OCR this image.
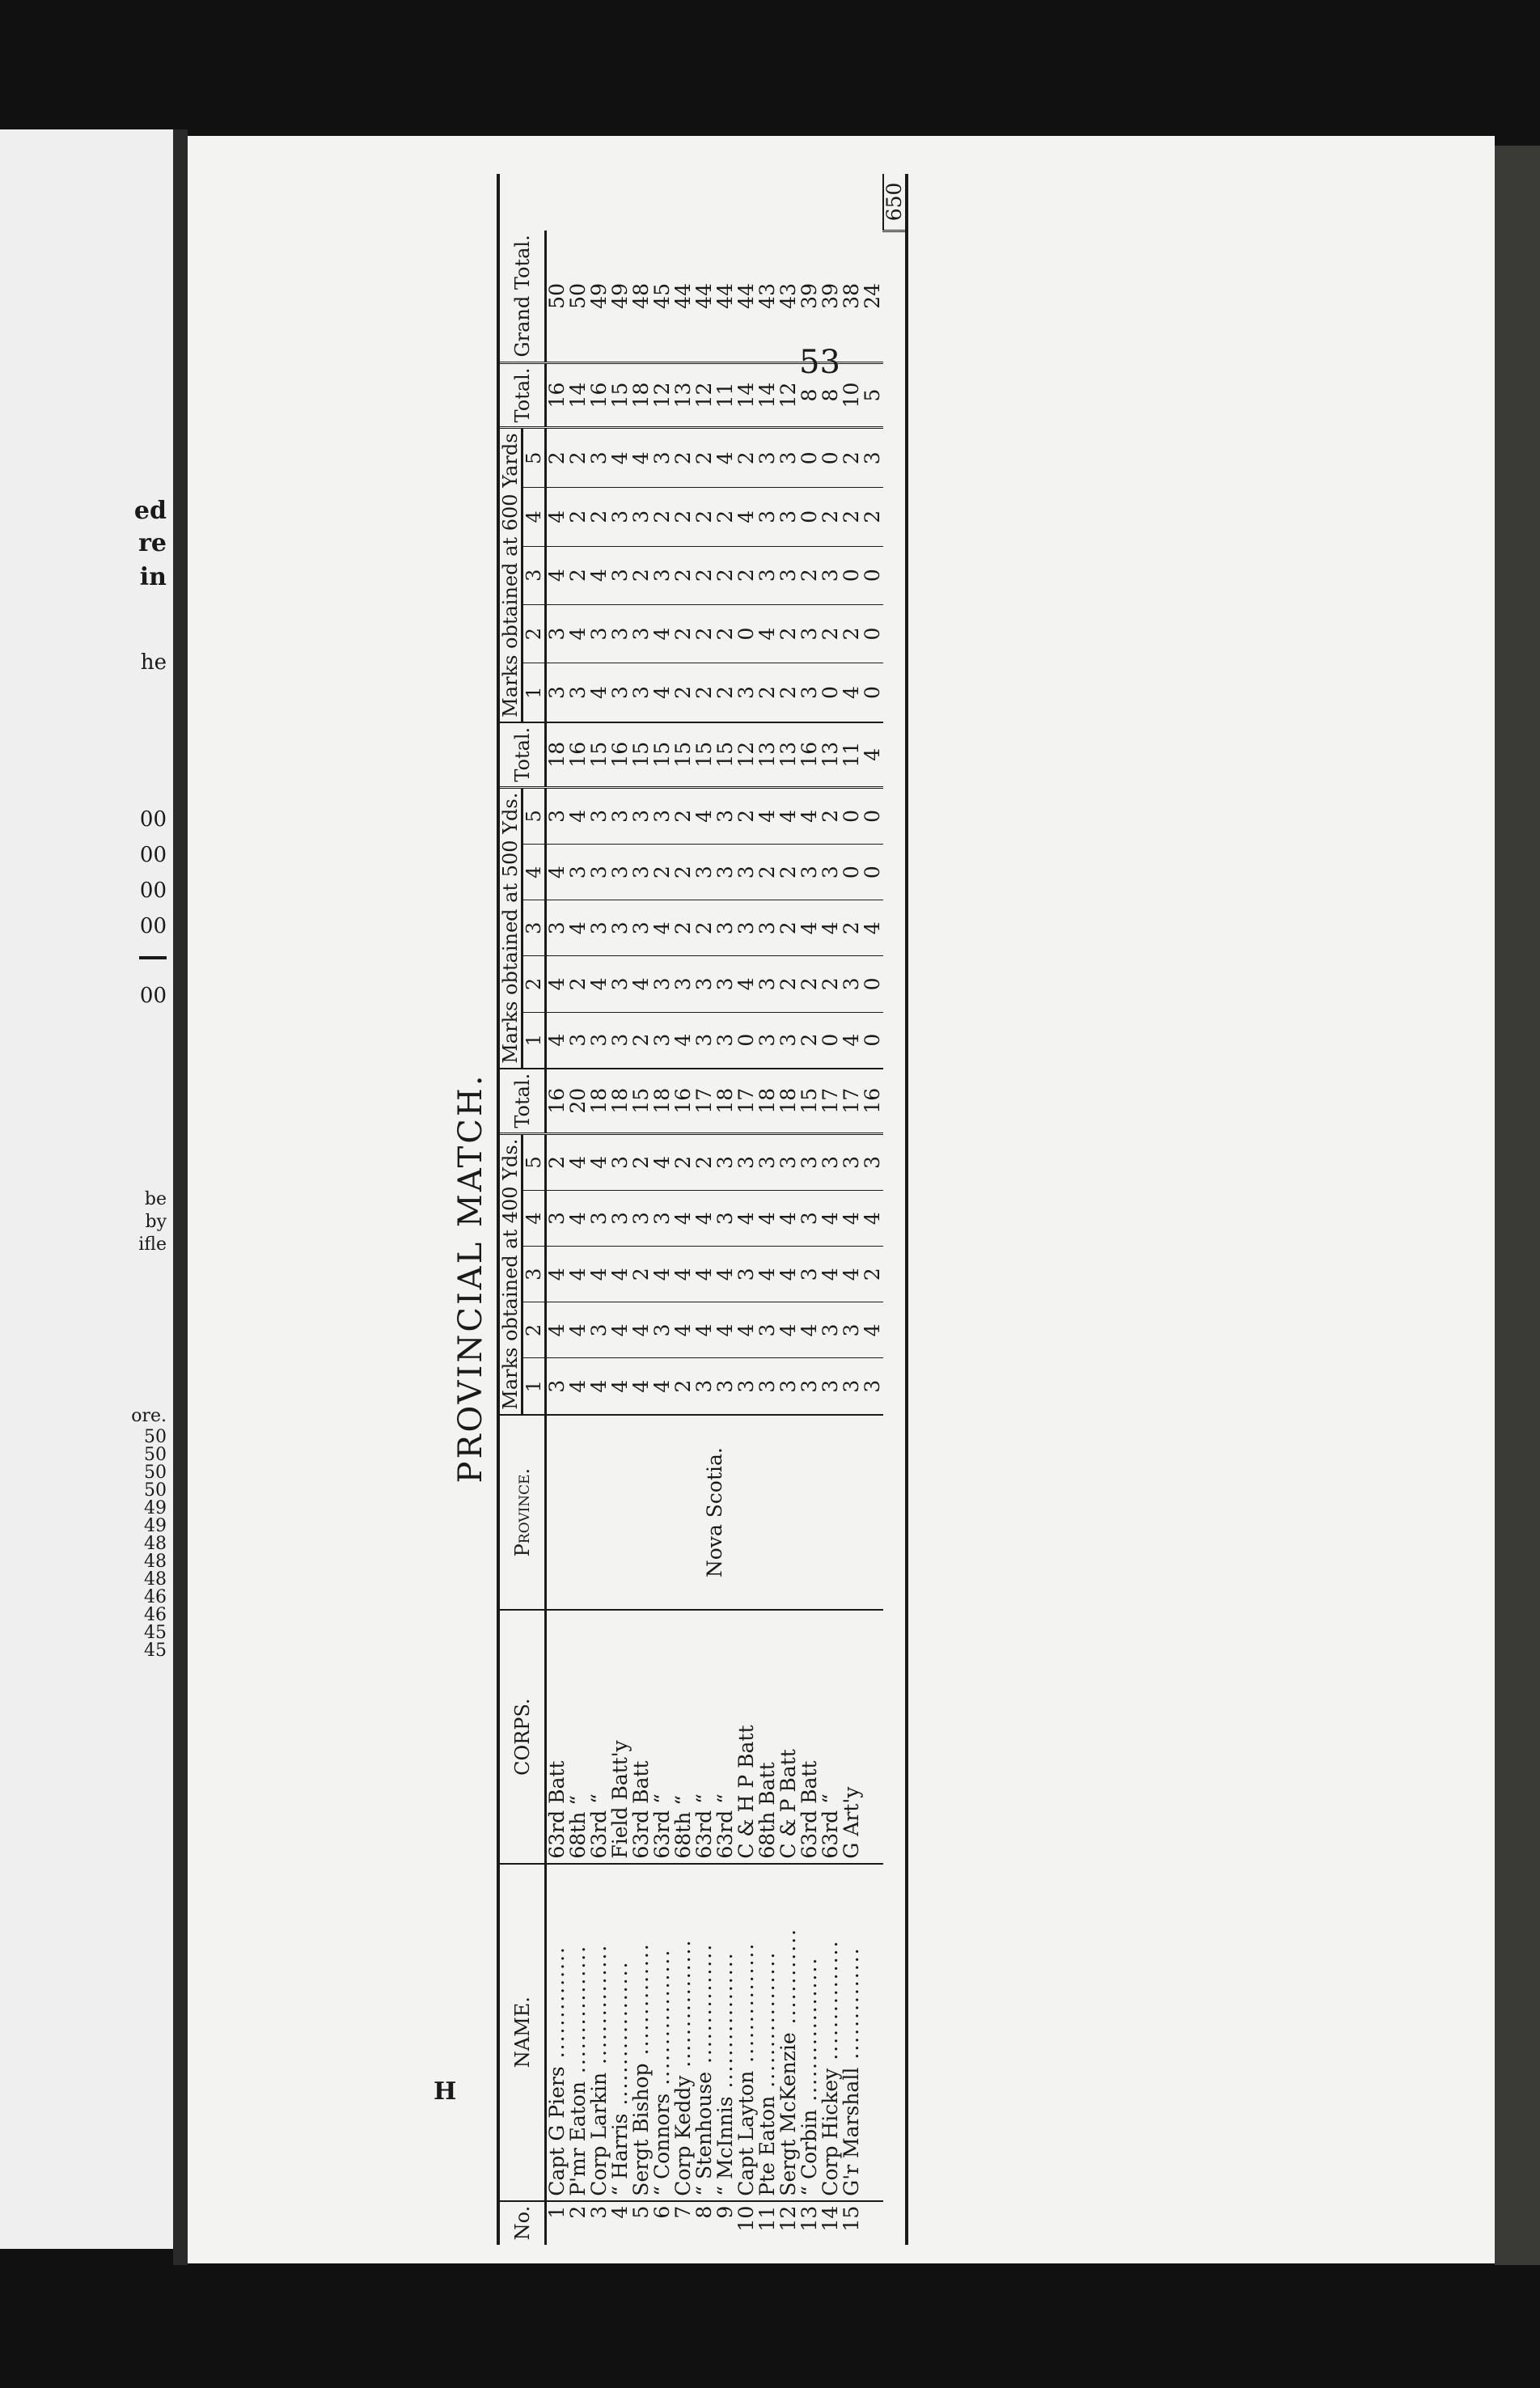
ed
re
in
he
00
00
00
00
00
be
by
ifle
ore.
50
50
50
50
49
49
48
48
48
46
46
45
45
53
H
PROVINCIAL MATCH.
No.	NAME.	CORPS.	Province.	Marks obtained at 400 Yds.					Total.	Marks obtained at 500 Yds.					Total.	Marks obtained at 600 Yards					Total.	Grand Total.	
				1	2	3	4	5		1	2	3	4	5		1	2	3	4	5			
1	Capt G Piers ..............	63rd Batt	Nova Scotia.	3	4	4	3	2	16	4	4	3	4	3	18	3	3	4	4	2	16	50	
2	P'mr Eaton ................	68th “		4	4	4	4	4	20	3	2	4	3	4	16	3	4	2	2	2	14	50	
3	Corp Larkin ...............	63rd “		4	3	4	3	4	18	3	4	3	3	3	15	4	3	4	2	3	16	49	
4	“ Harris ..................	Field Batt'y		4	4	4	3	3	18	3	3	3	3	3	16	3	3	3	3	4	15	49	
5	Sergt Bishop ..............	63rd Batt		4	4	2	3	2	15	2	4	3	3	3	15	3	3	2	3	4	18	48	
6	“ Connors .................	63rd “		4	3	4	3	4	18	3	3	4	2	3	15	4	4	3	2	3	12	45	
7	Corp Keddy ................	68th “		2	4	4	4	2	16	4	3	2	2	2	15	2	2	2	2	2	13	44	
8	“ Stenhouse ...............	63rd “		3	4	4	4	2	17	3	3	2	3	4	15	2	2	2	2	2	12	44	
9	“ McInnis .................	63rd “		3	4	4	3	3	18	3	3	3	3	3	15	2	2	2	2	4	11	44	
10	Capt Layton ...............	C & H P Batt		3	4	3	4	3	17	0	4	3	3	2	12	3	0	2	4	2	14	44	
11	Pte Eaton .................	68th Batt		3	3	4	4	3	18	3	3	3	2	4	13	2	4	3	3	3	14	43	
12	Sergt McKenzie ............	C & P Batt		3	4	4	4	3	18	3	2	2	2	4	13	2	2	3	3	3	12	43	
13	“ Corbin ..................	63rd Batt		3	4	3	3	3	15	2	2	4	3	4	16	3	3	2	0	0	8	39	
14	Corp Hickey ...............	63rd “		3	3	4	4	3	17	0	2	4	3	2	13	0	2	3	2	0	8	39	
15	G'r Marshall ..............	G Art'y		3	3	4	4	3	17	4	3	2	0	0	11	4	2	0	2	2	10	38	
				3	4	2	4	3	16	0	0	4	0	0	4	0	0	0	2	3	5	24	
																							650
